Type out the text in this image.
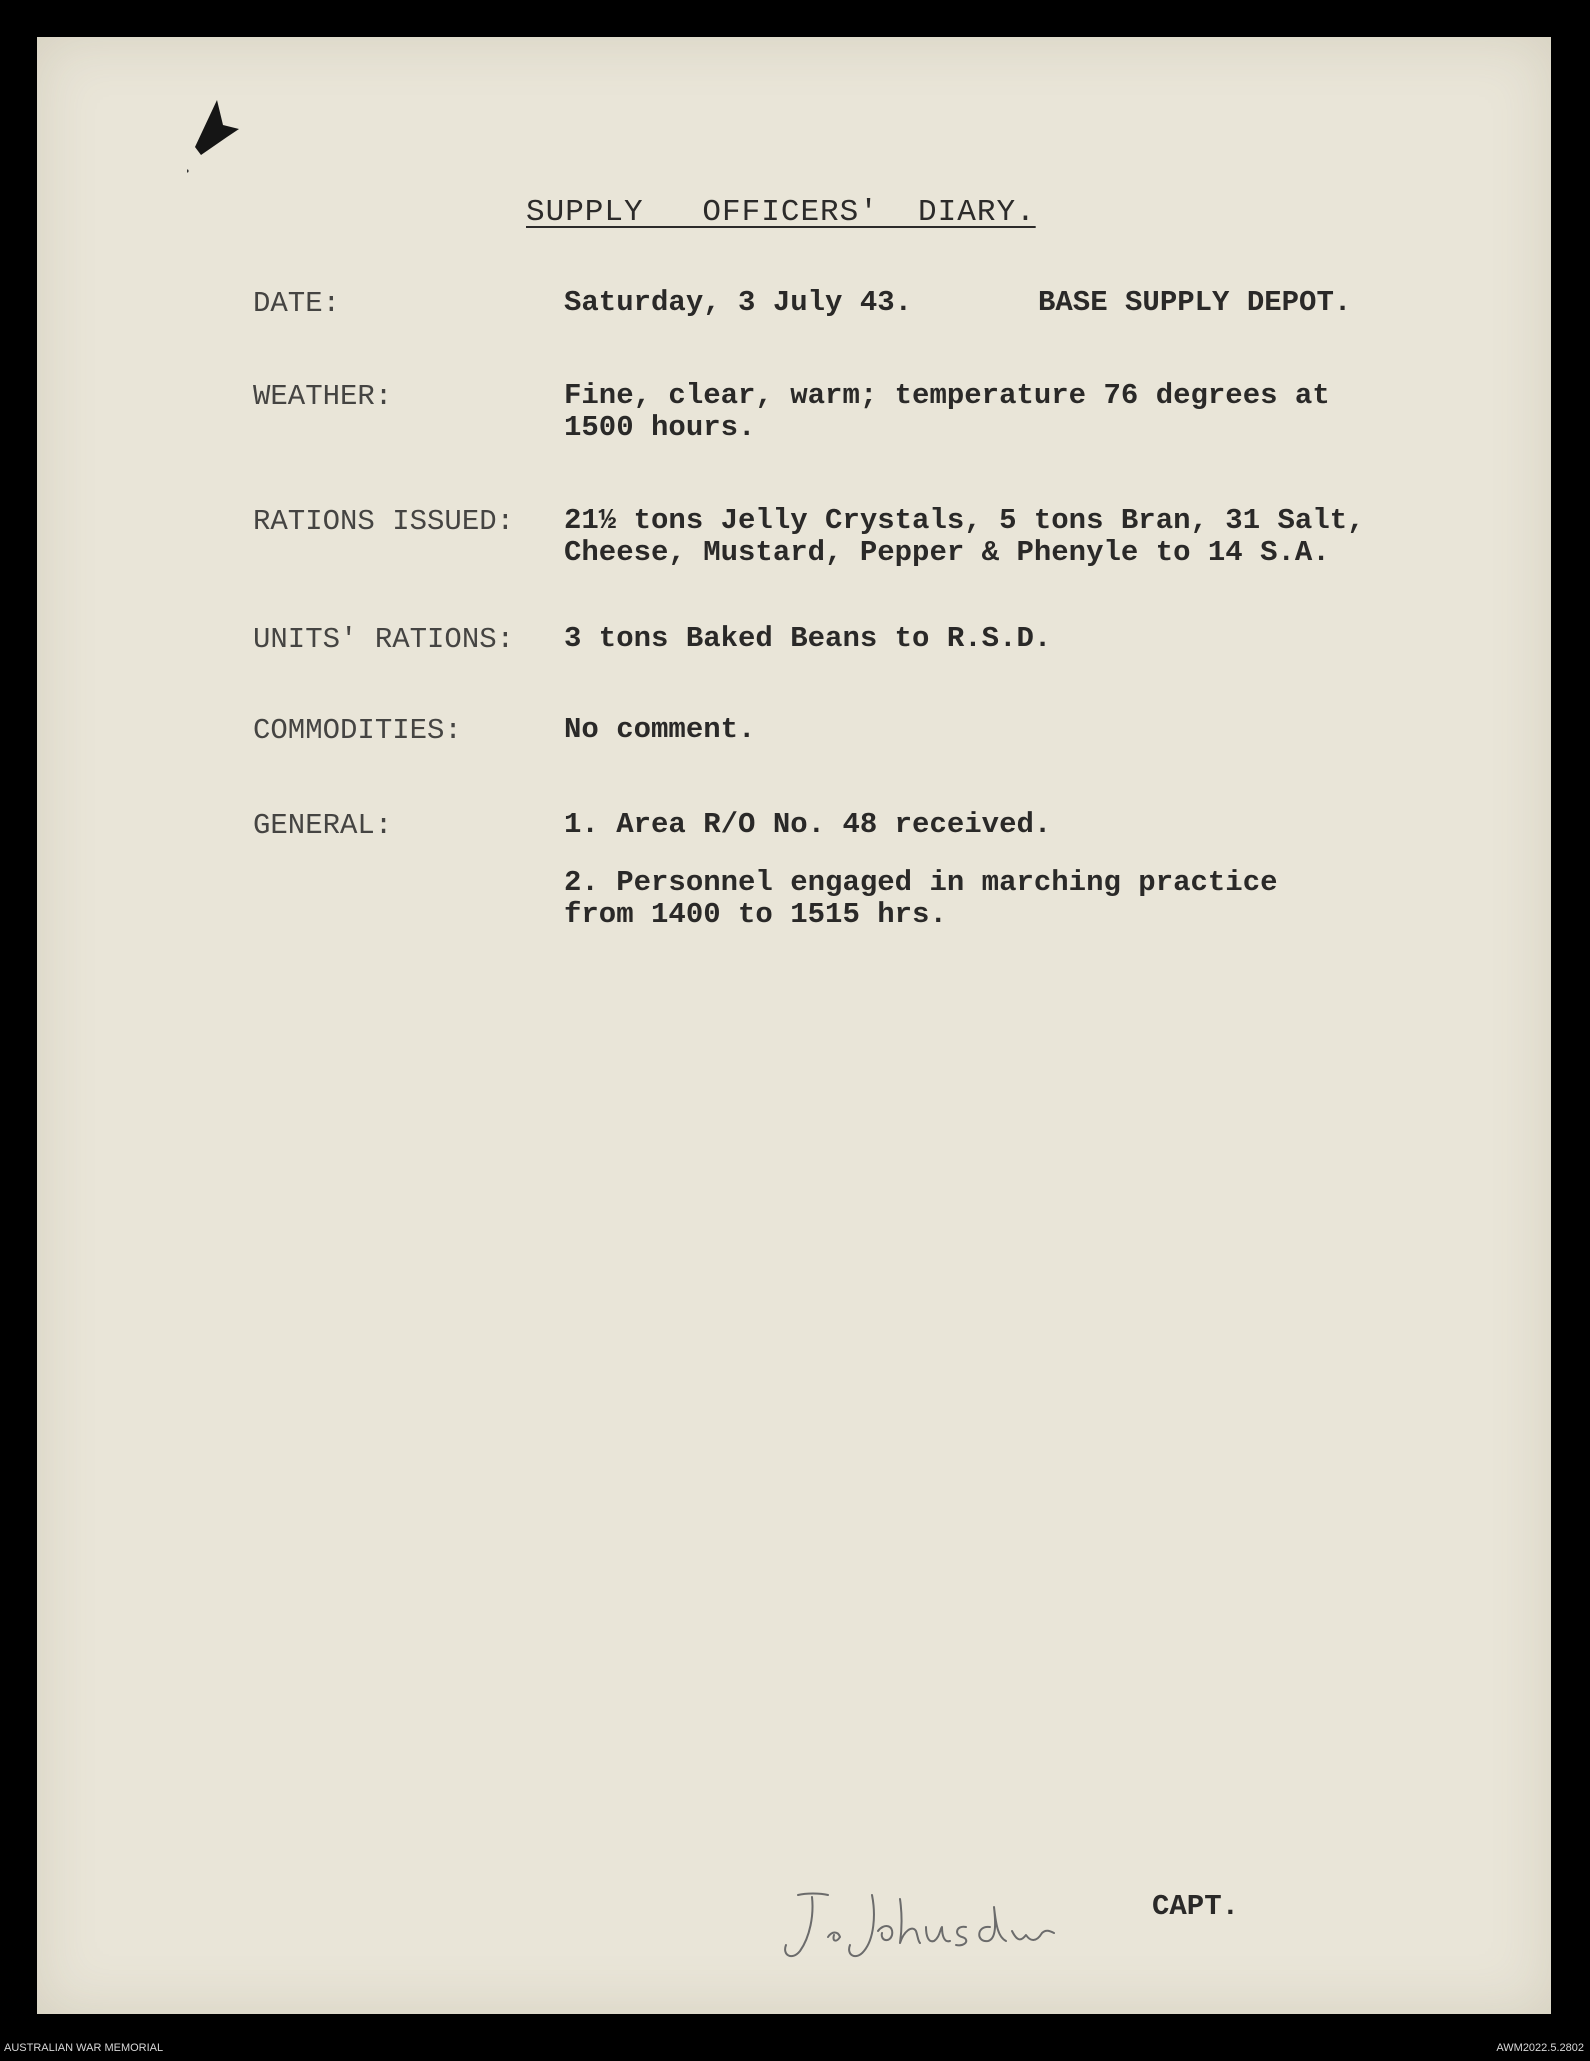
SUPPLY   OFFICERS'  DIARY.
DATE:	Saturday, 3 July 43.	BASE SUPPLY DEPOT.
WEATHER:	Fine, clear, warm; temperature 76 degrees at
1500 hours.
RATIONS ISSUED:	21½ tons Jelly Crystals, 5 tons Bran, 31 Salt,
Cheese, Mustard, Pepper & Phenyle to 14 S.A.
UNITS' RATIONS:	3 tons Baked Beans to R.S.D.
COMMODITIES:	No comment.
GENERAL:	1. Area R/O No. 48 received.
2. Personnel engaged in marching practice
from 1400 to 1515 hrs.
CAPT.
AUSTRALIAN WAR MEMORIAL	AWM2022.5.2802
